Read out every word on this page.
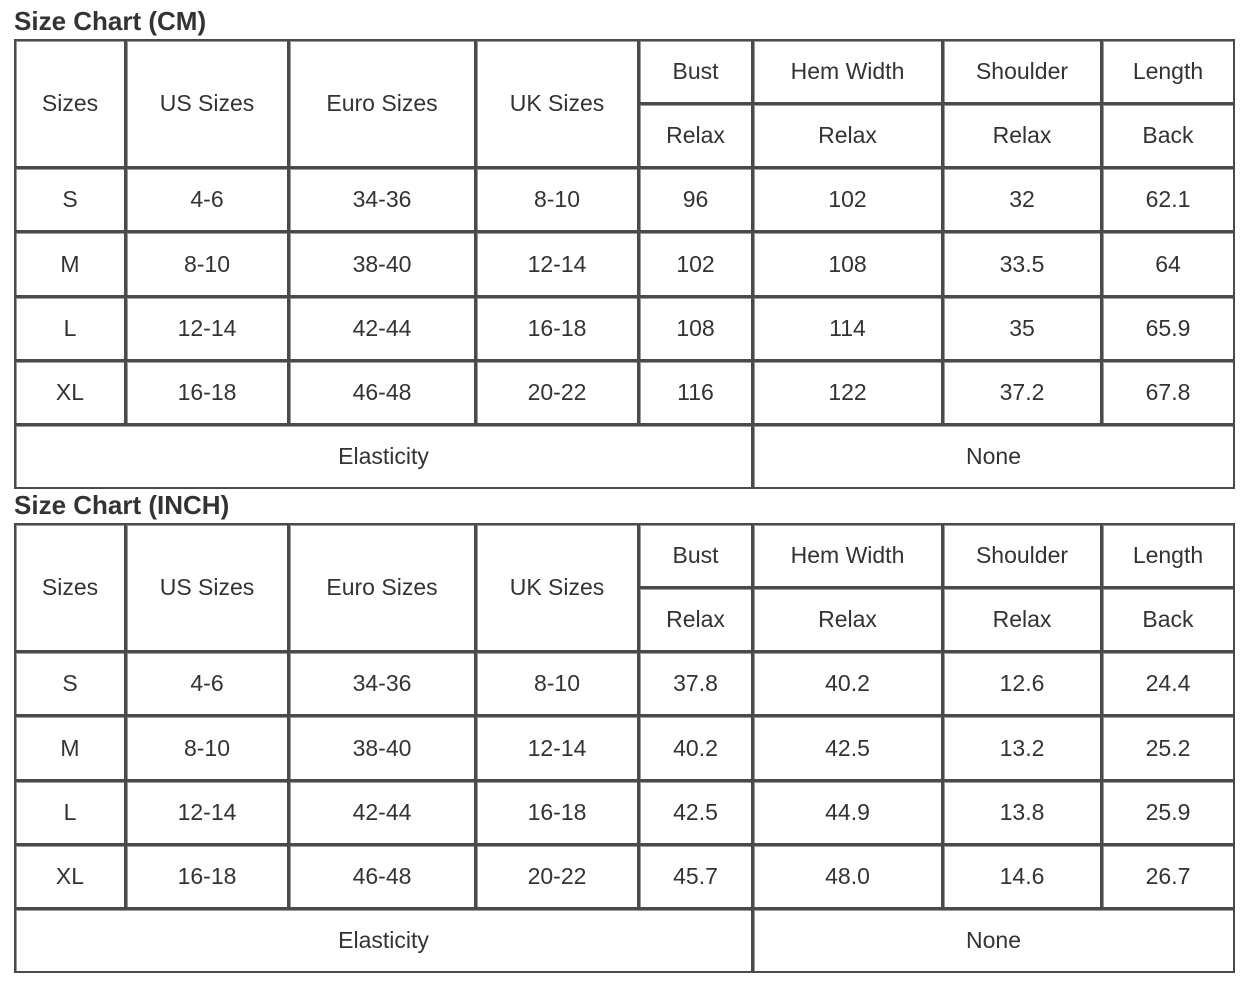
Size Chart (CM)
Sizes	US Sizes	Euro Sizes	UK Sizes	Bust	Hem Width	Shoulder	Length
				Relax	Relax	Relax	Back
S	4-6	34-36	8-10	96	102	32	62.1
M	8-10	38-40	12-14	102	108	33.5	64
L	12-14	42-44	16-18	108	114	35	65.9
XL	16-18	46-48	20-22	116	122	37.2	67.8
Elasticity					None		
Size Chart (INCH)
Sizes	US Sizes	Euro Sizes	UK Sizes	Bust	Hem Width	Shoulder	Length
				Relax	Relax	Relax	Back
S	4-6	34-36	8-10	37.8	40.2	12.6	24.4
M	8-10	38-40	12-14	40.2	42.5	13.2	25.2
L	12-14	42-44	16-18	42.5	44.9	13.8	25.9
XL	16-18	46-48	20-22	45.7	48.0	14.6	26.7
Elasticity					None		
